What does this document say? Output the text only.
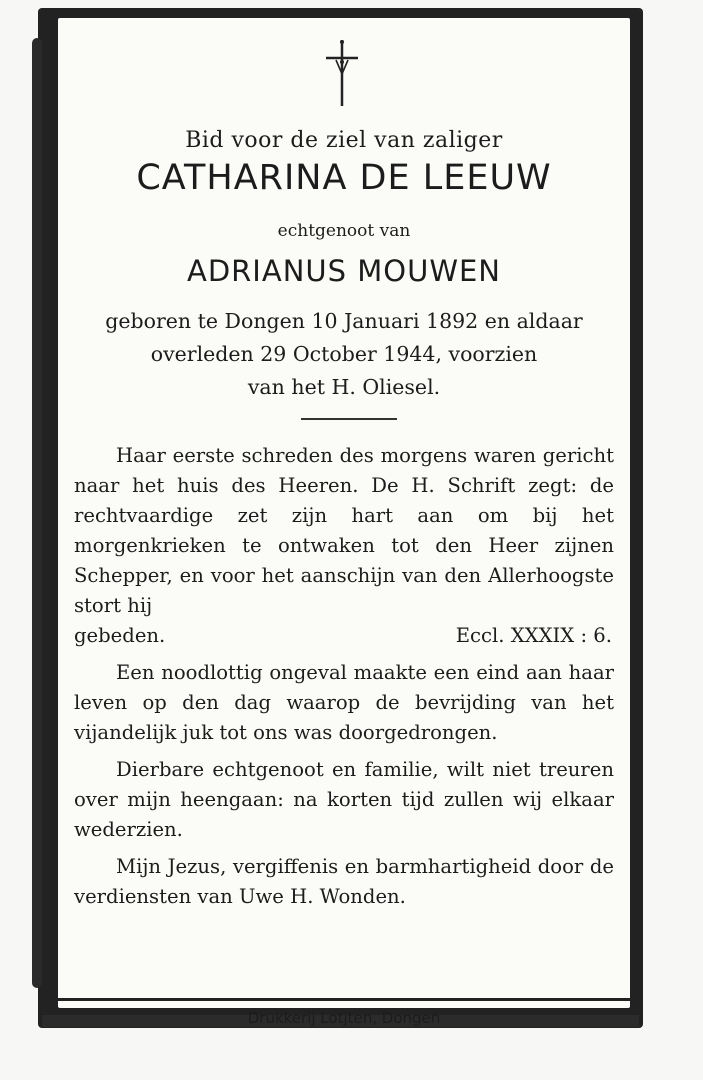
Bid voor de ziel van zaliger
CATHARINA DE LEEUW
echtgenoot van
ADRIANUS MOUWEN
geboren te Dongen 10 Januari 1892 en aldaar
overleden 29 October 1944, voorzien
van het H. Oliesel.

Haar eerste schreden des morgens waren gericht naar het huis des Heeren. De H. Schrift zegt: de rechtvaardige zet zijn hart aan om bij het morgenkrieken te ontwaken tot den Heer zijnen Schepper, en voor het aanschijn van den Allerhoogste stort hij

gebeden.	Eccl. XXXIX : 6.

Een noodlottig ongeval maakte een eind aan haar leven op den dag waarop de bevrijding van het vijandelijk juk tot ons was doorgedrongen.

Dierbare echtgenoot en familie, wilt niet treuren over mijn heengaan: na korten tijd zullen wij elkaar wederzien.

Mijn Jezus, vergiffenis en barmhartigheid door de verdiensten van Uwe H. Wonden.

Drukkerij Lotjten, Dongen
